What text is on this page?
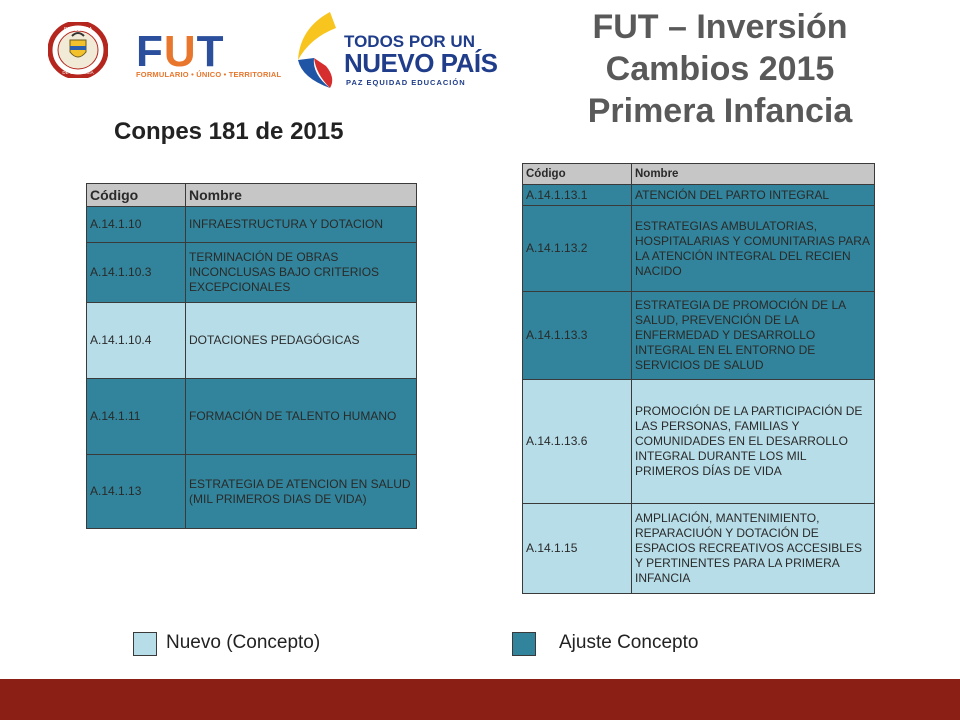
REPÚBLICA
DE COLOMBIA FUT
FORMULARIO • ÚNICO • TERRITORIAL
TODOS POR UN
NUEVO PAÍS
PAZ EQUIDAD EDUCACIÓN
FUT – Inversión
Cambios 2015
Primera Infancia
Conpes 181 de 2015
Código	Nombre
A.14.1.10	INFRAESTRUCTURA Y DOTACION
A.14.1.10.3	TERMINACIÓN DE OBRAS INCONCLUSAS BAJO CRITERIOS EXCEPCIONALES
A.14.1.10.4	DOTACIONES PEDAGÓGICAS
A.14.1.11	FORMACIÓN DE TALENTO HUMANO
A.14.1.13	ESTRATEGIA DE ATENCION EN SALUD (MIL PRIMEROS DIAS DE VIDA)
Código	Nombre
A.14.1.13.1	ATENCIÓN DEL PARTO INTEGRAL
A.14.1.13.2	ESTRATEGIAS AMBULATORIAS, HOSPITALARIAS Y COMUNITARIAS PARA LA ATENCIÓN INTEGRAL DEL RECIEN NACIDO
A.14.1.13.3	ESTRATEGIA DE PROMOCIÓN DE LA SALUD, PREVENCIÓN DE LA ENFERMEDAD Y DESARROLLO INTEGRAL EN EL ENTORNO DE SERVICIOS DE SALUD
A.14.1.13.6	PROMOCIÓN DE LA PARTICIPACIÓN DE LAS PERSONAS, FAMILIAS Y COMUNIDADES EN EL DESARROLLO INTEGRAL DURANTE LOS MIL PRIMEROS DÍAS DE VIDA
A.14.1.15	AMPLIACIÓN, MANTENIMIENTO, REPARACIUÓN Y DOTACIÓN DE ESPACIOS RECREATIVOS ACCESIBLES Y PERTINENTES PARA LA PRIMERA INFANCIA
Nuevo (Concepto)	Ajuste Concepto
